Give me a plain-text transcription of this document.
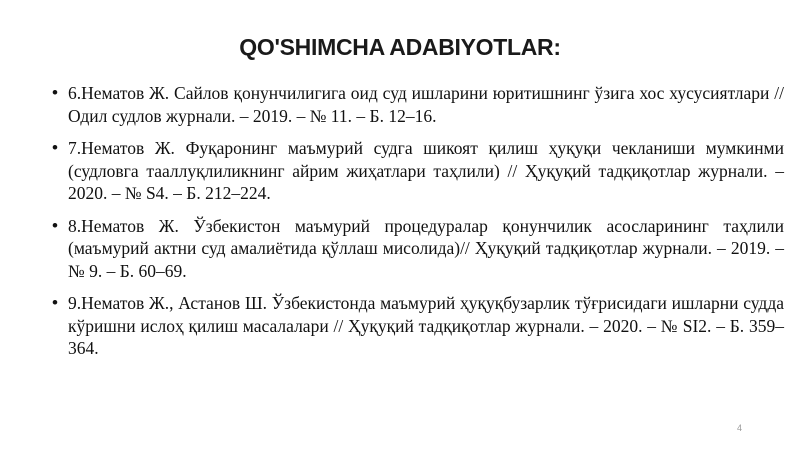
QO'SHIMCHA ADABIYOTLAR:
• 6.Нематов Ж. Сайлов қонунчилигига оид суд ишларини юритишнинг ўзига хос хусусиятлари // Одил судлов журнали. – 2019. – № 11. – Б. 12–16.
• 7.Нематов Ж. Фуқаронинг маъмурий судга шикоят қилиш ҳуқуқи чекланиши мумкинми (судловга тааллуқлиликнинг айрим жиҳатлари таҳлили) // Ҳуқуқий тадқиқотлар журнали. – 2020. – № S4. – Б. 212–224.
• 8.Нематов Ж. Ўзбекистон маъмурий процедуралар қонунчилик асосларининг таҳлили (маъмурий актни суд амалиётида қўллаш мисолида)// Ҳуқуқий тадқиқотлар журнали. – 2019. – № 9. – Б. 60–69.
• 9.Нематов Ж., Астанов Ш. Ўзбекистонда маъмурий ҳуқуқбузарлик тўғрисидаги ишларни судда кўришни ислоҳ қилиш масалалари // Ҳуқуқий тадқиқотлар журнали. – 2020. – № SI2. – Б. 359–364.
4
